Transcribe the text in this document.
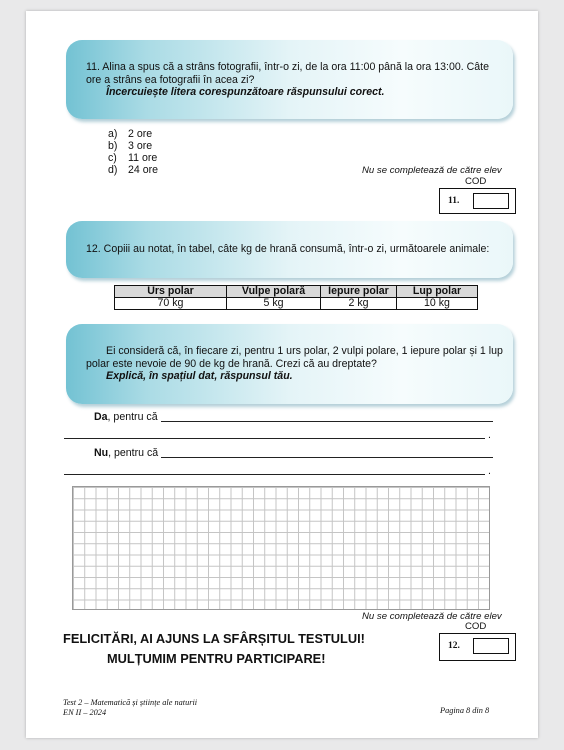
11. Alina a spus că a strâns fotografii, într-o zi, de la ora 11:00 până la ora 13:00. Câte ore a strâns ea fotografii în acea zi?
Încercuiește litera corespunzătoare răspunsului corect.
a) 2 ore
b) 3 ore
c) 11 ore
d) 24 ore	Nu se completează de către elev
COD
11.
12. Copiii au notat, în tabel, câte kg de hrană consumă, într-o zi, următoarele animale:
Urs polar	Vulpe polară	Iepure polar	Lup polar
70 kg	5 kg	2 kg	10 kg
Ei consideră că, în fiecare zi, pentru 1 urs polar, 2 vulpi polare, 1 iepure polar și 1 lup polar este nevoie de 90 de kg de hrană. Crezi că au dreptate?
Explică, în spațiul dat, răspunsul tău.
Da, pentru că
.
Nu, pentru că
.
Nu se completează de către elev
COD
12.
FELICITĂRI, AI AJUNS LA SFÂRȘITUL TESTULUI!
MULȚUMIM PENTRU PARTICIPARE!
Test 2 – Matematică și științe ale naturii
EN II – 2024	Pagina 8 din 8
